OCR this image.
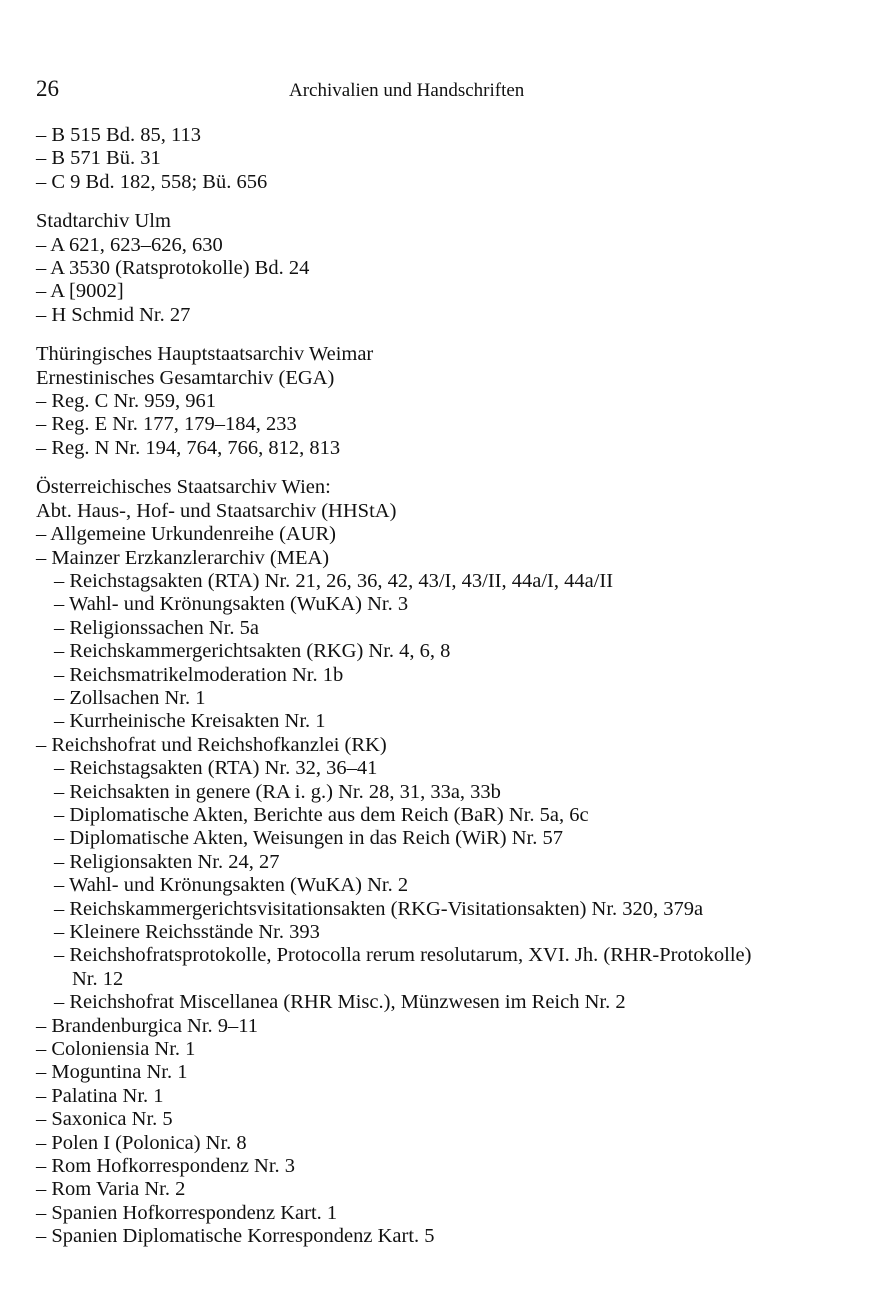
26	Archivalien und Handschriften
– B 515 Bd. 85, 113
– B 571 Bü. 31
– C 9 Bd. 182, 558; Bü. 656
Stadtarchiv Ulm
– A 621, 623–626, 630
– A 3530 (Ratsprotokolle) Bd. 24
– A [9002]
– H Schmid Nr. 27
Thüringisches Hauptstaatsarchiv Weimar
Ernestinisches Gesamtarchiv (EGA)
– Reg. C Nr. 959, 961
– Reg. E Nr. 177, 179–184, 233
– Reg. N Nr. 194, 764, 766, 812, 813
Österreichisches Staatsarchiv Wien:
Abt. Haus-, Hof- und Staatsarchiv (HHStA)
– Allgemeine Urkundenreihe (AUR)
– Mainzer Erzkanzlerarchiv (MEA)
– Reichstagsakten (RTA) Nr. 21, 26, 36, 42, 43/I, 43/II, 44a/I, 44a/II
– Wahl- und Krönungsakten (WuKA) Nr. 3
– Religionssachen Nr. 5a
– Reichskammergerichtsakten (RKG) Nr. 4, 6, 8
– Reichsmatrikelmoderation Nr. 1b
– Zollsachen Nr. 1
– Kurrheinische Kreisakten Nr. 1
– Reichshofrat und Reichshofkanzlei (RK)
– Reichstagsakten (RTA) Nr. 32, 36–41
– Reichsakten in genere (RA i. g.) Nr. 28, 31, 33a, 33b
– Diplomatische Akten, Berichte aus dem Reich (BaR) Nr. 5a, 6c
– Diplomatische Akten, Weisungen in das Reich (WiR) Nr. 57
– Religionsakten Nr. 24, 27
– Wahl- und Krönungsakten (WuKA) Nr. 2
– Reichskammergerichtsvisitationsakten (RKG-Visitationsakten) Nr. 320, 379a
– Kleinere Reichsstände Nr. 393
– Reichshofratsprotokolle, Protocolla rerum resolutarum, XVI. Jh. (RHR-Protokolle)
Nr. 12
– Reichshofrat Miscellanea (RHR Misc.), Münzwesen im Reich Nr. 2
– Brandenburgica Nr. 9–11
– Coloniensia Nr. 1
– Moguntina Nr. 1
– Palatina Nr. 1
– Saxonica Nr. 5
– Polen I (Polonica) Nr. 8
– Rom Hofkorrespondenz Nr. 3
– Rom Varia Nr. 2
– Spanien Hofkorrespondenz Kart. 1
– Spanien Diplomatische Korrespondenz Kart. 5
